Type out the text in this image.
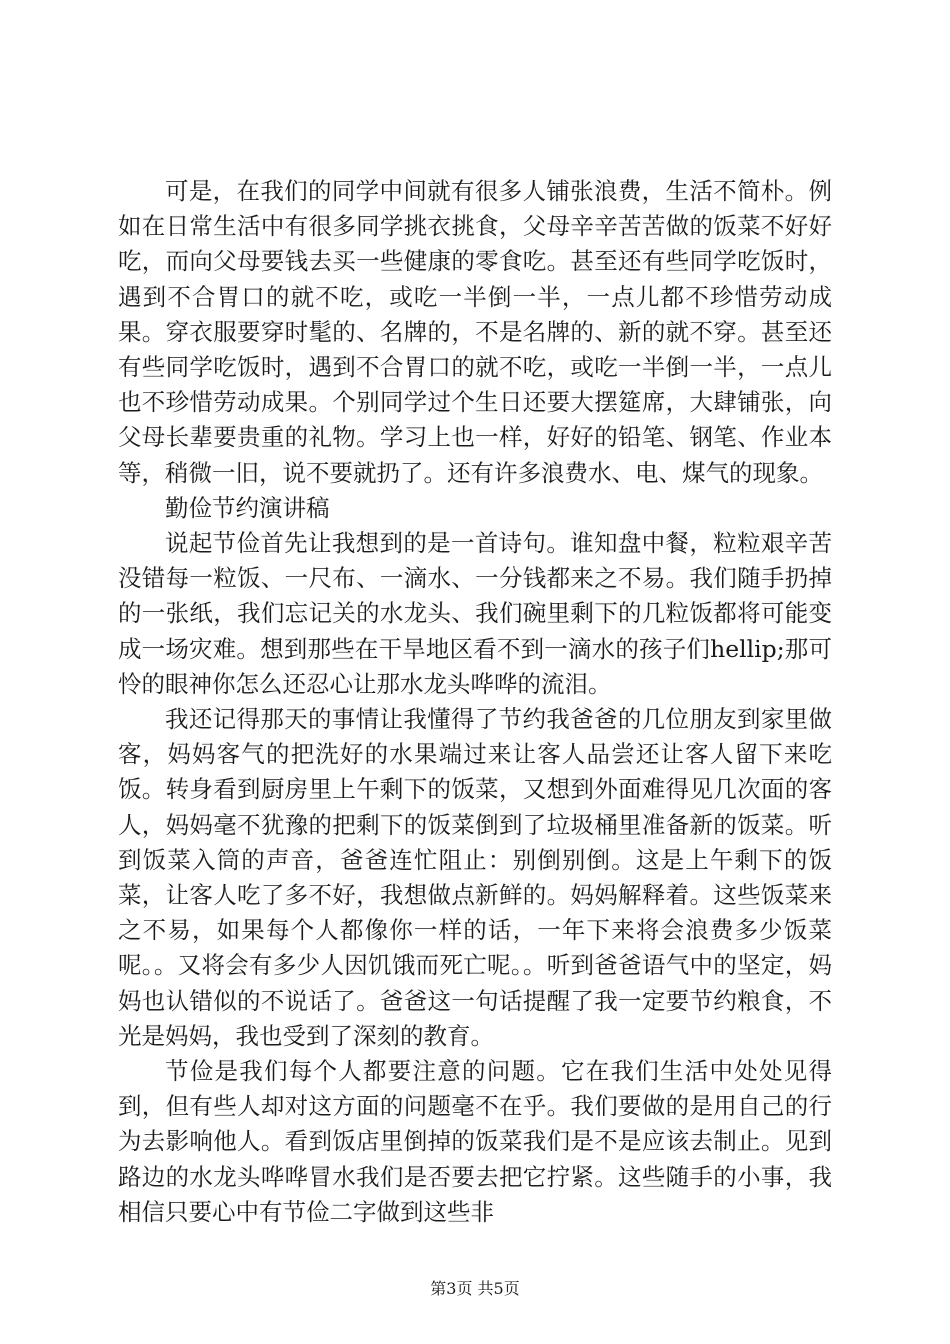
可是，在我们的同学中间就有很多人铺张浪费，生活不简朴。例如在日常生活中有很多同学挑衣挑食，父母辛辛苦苦做的饭菜不好好吃，而向父母要钱去买一些健康的零食吃。甚至还有些同学吃饭时，遇到不合胃口的就不吃，或吃一半倒一半，一点儿都不珍惜劳动成果。穿衣服要穿时髦的、名牌的，不是名牌的、新的就不穿。甚至还有些同学吃饭时，遇到不合胃口的就不吃，或吃一半倒一半，一点儿也不珍惜劳动成果。个别同学过个生日还要大摆筵席，大肆铺张，向父母长辈要贵重的礼物。学习上也一样，好好的铅笔、钢笔、作业本等，稍微一旧，说不要就扔了。还有许多浪费水、电、煤气的现象。

勤俭节约演讲稿

说起节俭首先让我想到的是一首诗句。谁知盘中餐，粒粒艰辛苦没错每一粒饭、一尺布、一滴水、一分钱都来之不易。我们随手扔掉的一张纸，我们忘记关的水龙头、我们碗里剩下的几粒饭都将可能变成一场灾难。想到那些在干旱地区看不到一滴水的孩子们hellip;那可怜的眼神你怎么还忍心让那水龙头哗哗的流泪。

我还记得那天的事情让我懂得了节约我爸爸的几位朋友到家里做客，妈妈客气的把洗好的水果端过来让客人品尝还让客人留下来吃饭。转身看到厨房里上午剩下的饭菜，又想到外面难得见几次面的客人，妈妈毫不犹豫的把剩下的饭菜倒到了垃圾桶里准备新的饭菜。听到饭菜入筒的声音，爸爸连忙阻止：别倒别倒。这是上午剩下的饭菜，让客人吃了多不好，我想做点新鲜的。妈妈解释着。这些饭菜来之不易，如果每个人都像你一样的话，一年下来将会浪费多少饭菜呢。。又将会有多少人因饥饿而死亡呢。。听到爸爸语气中的坚定，妈妈也认错似的不说话了。爸爸这一句话提醒了我一定要节约粮食，不光是妈妈，我也受到了深刻的教育。

节俭是我们每个人都要注意的问题。它在我们生活中处处见得到，但有些人却对这方面的问题毫不在乎。我们要做的是用自己的行为去影响他人。看到饭店里倒掉的饭菜我们是不是应该去制止。见到路边的水龙头哗哗冒水我们是否要去把它拧紧。这些随手的小事，我相信只要心中有节俭二字做到这些非

第3页 共5页
